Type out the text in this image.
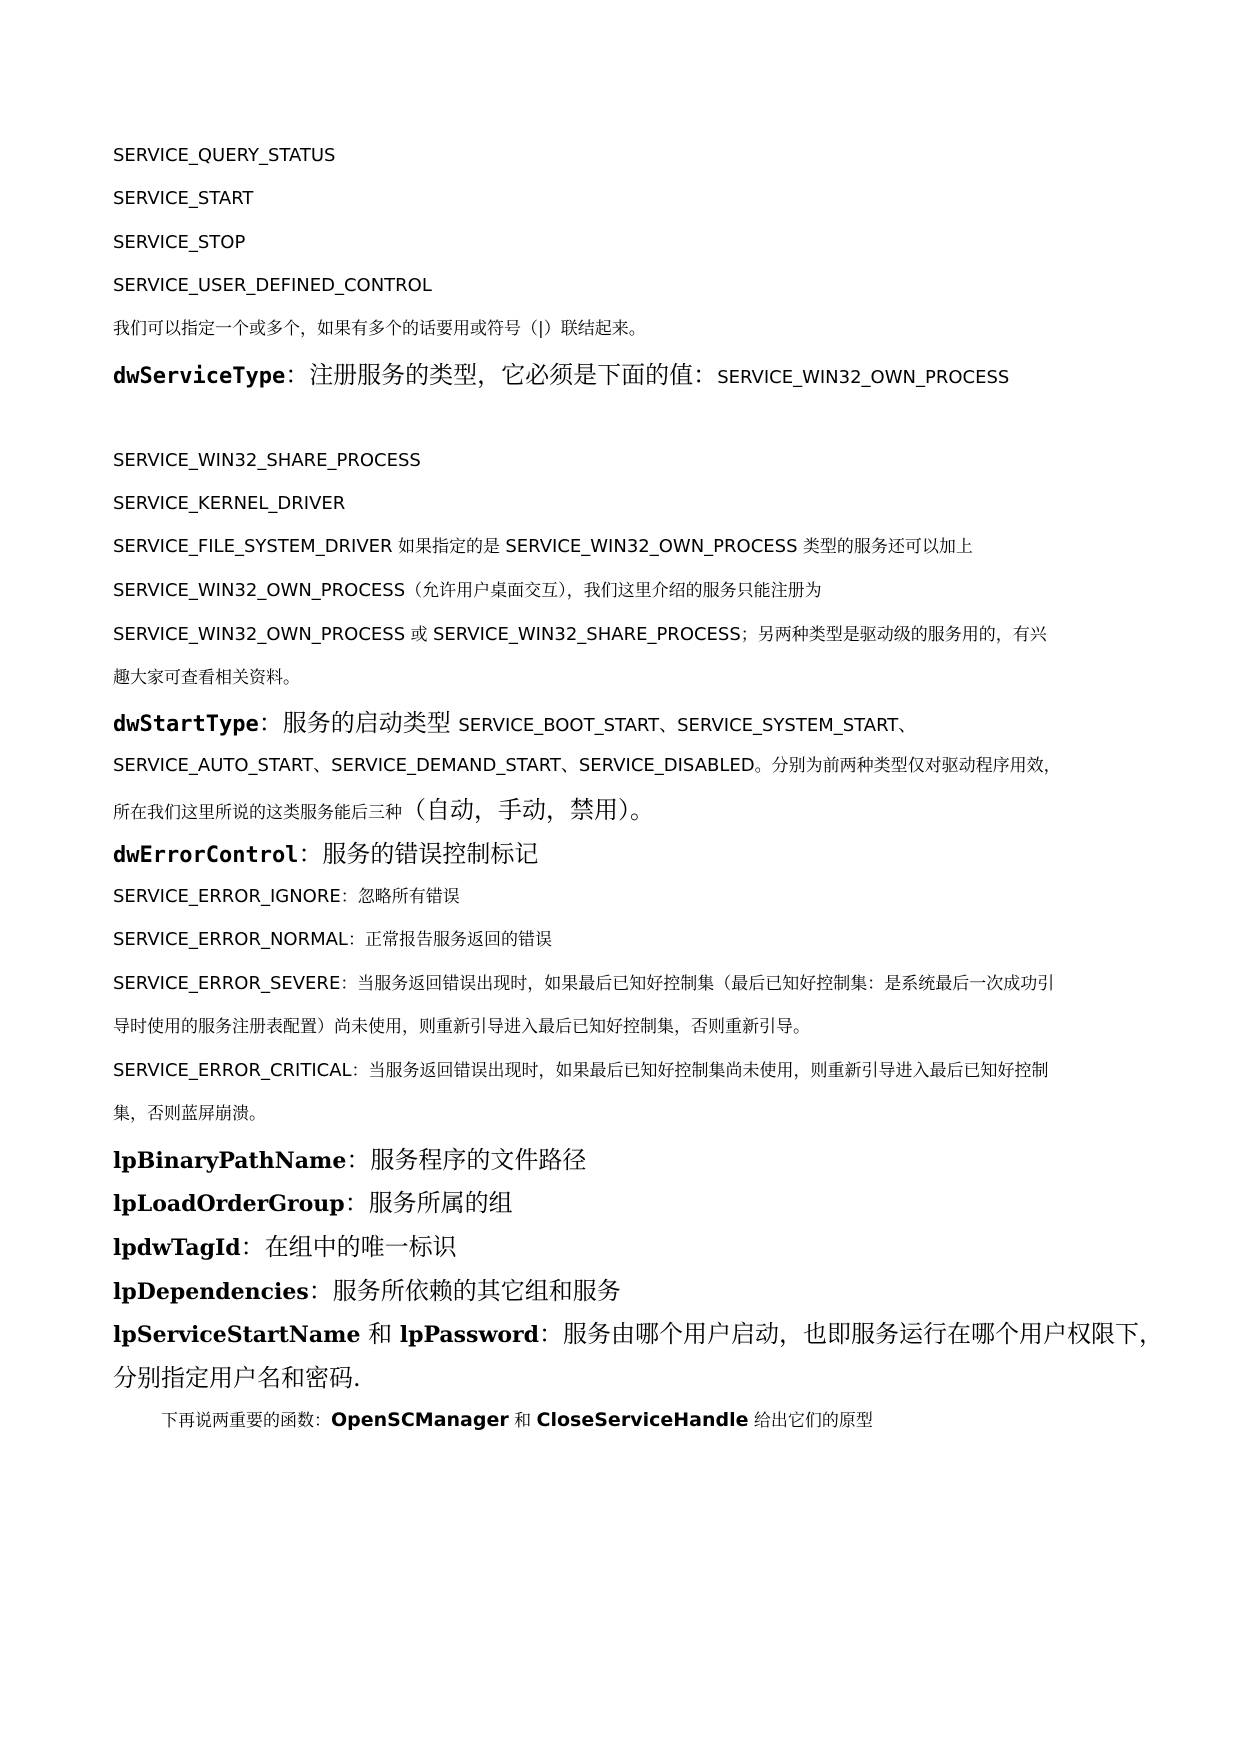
SERVICE_QUERY_STATUS
SERVICE_START
SERVICE_STOP
SERVICE_USER_DEFINED_CONTROL
我们可以指定一个或多个，如果有多个的话要用或符号（|）联结起来。
dwServiceType：注册服务的类型，它必须是下面的值：SERVICE_WIN32_OWN_PROCESS
SERVICE_WIN32_SHARE_PROCESS
SERVICE_KERNEL_DRIVER
SERVICE_FILE_SYSTEM_DRIVER 如果指定的是 SERVICE_WIN32_OWN_PROCESS 类型的服务还可以加上
SERVICE_WIN32_OWN_PROCESS（允许用户桌面交互），我们这里介绍的服务只能注册为
SERVICE_WIN32_OWN_PROCESS 或 SERVICE_WIN32_SHARE_PROCESS；另两种类型是驱动级的服务用的，有兴
趣大家可查看相关资料。
dwStartType：服务的启动类型 SERVICE_BOOT_START、SERVICE_SYSTEM_START、
SERVICE_AUTO_START、SERVICE_DEMAND_START、SERVICE_DISABLED。分别为前两种类型仅对驱动程序用效，
所在我们这里所说的这类服务能后三种（自动，手动，禁用）。
dwErrorControl：服务的错误控制标记
SERVICE_ERROR_IGNORE：忽略所有错误
SERVICE_ERROR_NORMAL：正常报告服务返回的错误
SERVICE_ERROR_SEVERE：当服务返回错误出现时，如果最后已知好控制集（最后已知好控制集：是系统最后一次成功引
导时使用的服务注册表配置）尚未使用，则重新引导进入最后已知好控制集，否则重新引导。
SERVICE_ERROR_CRITICAL：当服务返回错误出现时，如果最后已知好控制集尚未使用，则重新引导进入最后已知好控制
集，否则蓝屏崩溃。
lpBinaryPathName：服务程序的文件路径
lpLoadOrderGroup：服务所属的组
lpdwTagId：在组中的唯一标识
lpDependencies：服务所依赖的其它组和服务
lpServiceStartName 和 lpPassword：服务由哪个用户启动，也即服务运行在哪个用户权限下，
分别指定用户名和密码.
下再说两重要的函数：OpenSCManager 和 CloseServiceHandle 给出它们的原型
